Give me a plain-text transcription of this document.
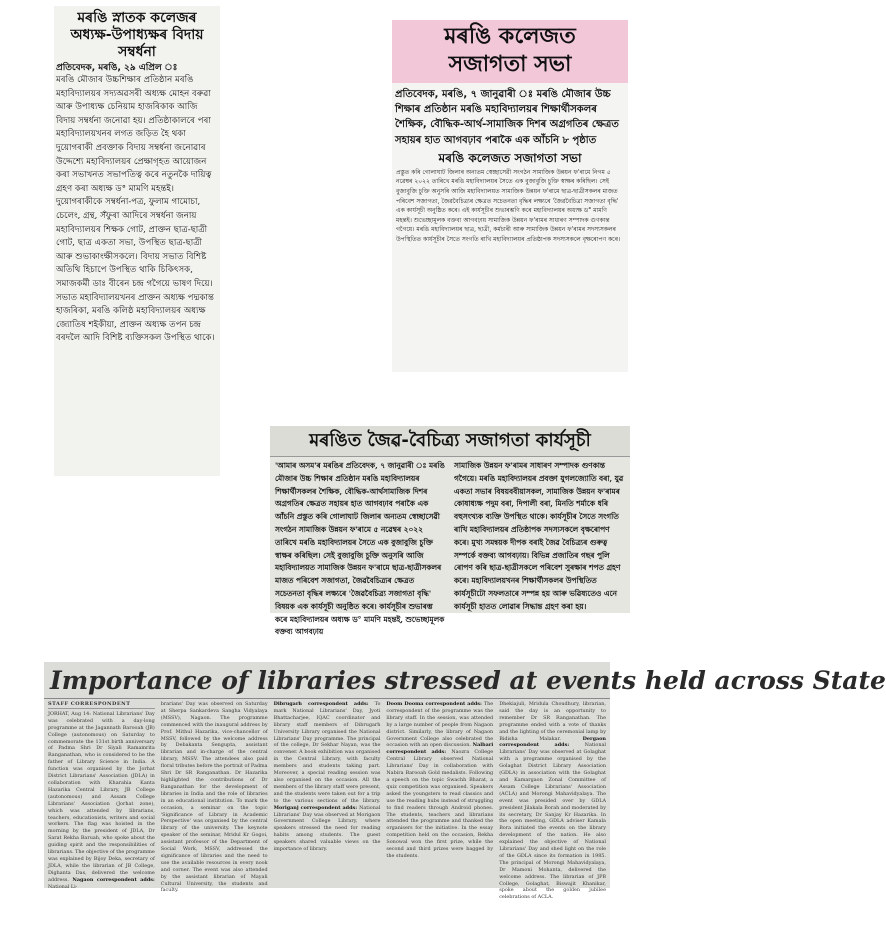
মৰঙি স্নাতক কলেজৰ অধ্যক্ষ-উপাধ্যক্ষৰ বিদায় সম্বৰ্ধনা
প্ৰতিবেদক, মৰঙি, ২৯ এপ্ৰিল ঃ
মৰঙি মৌজাৰ উচ্চশিক্ষাৰ প্ৰতিষ্ঠান মৰঙি মহাবিদ্যালয়ৰ সদ্যঅৱসৰী অধ্যক্ষ মোহন বৰুৱা আৰু উপাধ্যক্ষ চেনিয়াম হাজৰিকাক আজি বিদায় সম্বৰ্ধনা জনোৱা হয়। প্ৰতিষ্ঠাকালৰে পৰা মহাবিদ্যালয়খনৰ লগত জড়িত হৈ থকা দুয়োগৰাকী প্ৰবক্তাক বিদায় সম্বৰ্ধনা জনোৱাৰ উদ্দেশ্যে মহাবিদ্যালয়ৰ প্ৰেক্ষাগৃহত আয়োজন কৰা সভাখনত সভাপতিত্ব কৰে নতুনকৈ দায়িত্ব গ্ৰহণ কৰা অধ্যক্ষ ড° মামণি মহন্তই। দুয়োগৰাকীকে সম্বৰ্ধনা-পত্ৰ, ফুলাম গামোচা, চেলেং, গ্ৰন্থ, সঁফুৰা আদিৰে সম্বৰ্ধনা জনায় মহাবিদ্যালয়ৰ শিক্ষক গোট, প্ৰাক্তন ছাত্ৰ-ছাত্ৰী গোট, ছাত্ৰ একতা সভা, উপস্থিত ছাত্ৰ-ছাত্ৰী আৰু শুভাকাংক্ষীসকলে। বিদায় সভাত বিশিষ্ট অতিথি হিচাপে উপস্থিত থাকি চিকিৎসক, সমাজকৰ্মী ডাঃ বীৰেন চন্দ্ৰ গগৈয়ে ভাষণ দিয়ে। সভাত মহাবিদ্যালয়খনৰ প্ৰাক্তন অধ্যক্ষ পদ্মকান্ত হাজৰিকা, মৰঙি কলিষ্ঠ মহাবিদ্যালয়ৰ অধ্যক্ষ জ্যোতিষ শইকীয়া, প্ৰাক্তন অধ্যক্ষ তপন চন্দ্ৰ বৰদলৈ আদি বিশিষ্ট ব্যক্তিসকল উপস্থিত থাকে।
মৰঙি কলেজত
সজাগতা সভা
প্ৰতিবেদক, মৰঙি, ৭ জানুৱাৰী ঃ মৰঙি মৌজাৰ উচ্চ শিক্ষাৰ প্ৰতিষ্ঠান মৰঙি মহাবিদ্যালয়ৰ শিক্ষাৰ্থীসকলৰ শৈক্ষিক, বৌদ্ধিক-আৰ্থ-সামাজিক দিশৰ অগ্ৰগতিৰ ক্ষেত্ৰত সহায়ৰ হাত আগবঢ়াব পৰাকৈ এক আঁচনি ৮ পৃষ্ঠাত
মৰঙি কলেজত সজাগতা সভা
প্ৰস্তুত কৰি গোলাঘাট জিলাৰ অন্যতম স্বেচ্ছাসেৱী সংগঠন সামাজিক উন্নয়ন ফ'ৰামে নিগম ৫ নৱেম্বৰ ২০২২ তাৰিখে মৰঙি মহাবিদ্যালয়ৰ সৈতে এক বুজাবুজি চুক্তি স্বাক্ষৰ কৰিছিল। সেই বুজাবুজি চুক্তি অনুসৰি আজি মহাবিদ্যালয়ত সামাজিক উন্নয়ন ফ'ৰামে ছাত্ৰ-ছাত্ৰীসকলৰ মাজত পৰিবেশ সজাগতা, জৈৱবৈচিত্ৰ্যৰ ক্ষেত্ৰত সচেতনতা বৃদ্ধিৰ লক্ষ্যৰে 'জৈৱবৈচিত্ৰ্য সজাগতা বৃদ্ধি' এক কাৰ্যসূচী অনুষ্ঠিত কৰে। এই কাৰ্যসূচীৰ শুভাৰম্ভণি কৰে মহাবিদ্যালয়ৰ অধ্যক্ষ ড° মামণি মহন্তই। শুভেচ্ছামূলক বক্তব্য আগবঢ়ায় সামাজিক উন্নয়ন ফ'ৰামৰ সাধাৰণ সম্পাদক গুণকান্ত গগৈয়ে। মৰঙি মহাবিদ্যালয়ৰ ছাত্ৰ, ছাত্ৰী, কৰ্মচাৰী আৰু সামাজিক উন্নয়ন ফ'ৰামৰ সদস্যসকলৰ উপস্থিতিত কাৰ্যসূচীৰ সৈতে সংগতি ৰাখি মহাবিদ্যালয়ৰ প্ৰতিষ্ঠাপক সদস্যসকলে বৃক্ষৰোপণ কৰে।
মৰঙিত জৈৱ-বৈচিত্ৰ্য সজাগতা কাৰ্যসূচী
'আমাৰ অসম'ৰ মৰঙিৰ প্ৰতিবেদক, ৭ জানুৱাৰী ঃ মৰঙি মৌজাৰ উচ্চ শিক্ষাৰ প্ৰতিষ্ঠান মৰঙি মহাবিদ্যালয়ৰ শিক্ষাৰ্থীসকলৰ শৈক্ষিক, বৌদ্ধিক-আৰ্থসামাজিক দিশৰ অগ্ৰগতিৰ ক্ষেত্ৰত সহায়ৰ হাত আগবঢ়াব পৰাকৈ এক আঁচনি প্ৰস্তুত কৰি গোলাঘাট জিলাৰ অন্যতম স্বেচ্ছাসেৱী সংগঠন সামাজিক উন্নয়ন ফ'ৰামে ৫ নৱেম্বৰ ২০২২ তাৰিখে মৰঙি মহাবিদ্যালয়ৰ সৈতে এক বুজাবুজি চুক্তি স্বাক্ষৰ কৰিছিল। সেই বুজাবুজি চুক্তি অনুসৰি আজি মহাবিদ্যালয়ত সামাজিক উন্নয়ন ফ'ৰামে ছাত্ৰ-ছাত্ৰীসকলৰ মাজত পৰিবেশ সজাগতা, জৈৱবৈচিত্ৰ্যৰ ক্ষেত্ৰত সচেতনতা বৃদ্ধিৰ লক্ষ্যৰে 'জৈৱবৈচিত্ৰ্য সজাগতা বৃদ্ধি' বিষয়ক এক কাৰ্যসূচী অনুষ্ঠিত কৰে। কাৰ্যসূচীৰ শুভাৰম্ভ কৰে মহাবিদ্যালয়ৰ অধ্যক্ষ ড° মামণি মহন্তই, শুভেচ্ছামূলক বক্তব্য আগবঢ়ায়
সামাজিক উন্নয়ন ফ'ৰামৰ সাধাৰণ সম্পাদক গুণকান্ত গগৈয়ে। মৰঙি মহাবিদ্যালয়ৰ প্ৰবক্তা যুগলজ্যোতি বৰা, যুৱ একতা সভাৰ বিষয়ববীয়াসকল, সামাজিক উন্নয়ন ফ'ৰামৰ কোষাধ্যক্ষ পদুম বৰা, দিপালী বৰা, মিনতি শৰ্মাকে ধৰি বহুসংখ্যক ব্যক্তি উপস্থিত থাকে। কাৰ্যসূচীৰ সৈতে সংগতি ৰাখি মহাবিদ্যালয়ৰ প্ৰতিষ্ঠাপক সদস্যসকলে বৃক্ষৰোপণ কৰে। মুখ্য সমন্বয়ক দীপক বৰাই জৈৱ বৈচিত্ৰ্যৰ গুৰুত্ব সম্পৰ্কে বক্তব্য আগবঢ়ায়। বিভিন্ন প্ৰজাতিৰ গছৰ পুলি ৰোপণ কৰি ছাত্ৰ-ছাত্ৰীসকলে পৰিবেশ সুৰক্ষাৰ শপত গ্ৰহণ কৰে। মহাবিদ্যালয়খনৰ শিক্ষাৰ্থীসকলৰ উপস্থিতিত কাৰ্যসূচীটো সফলতাৰে সম্পন্ন হয় আৰু ভৱিষ্যতেও এনে কাৰ্যসূচী হাতত লোৱাৰ সিদ্ধান্ত গ্ৰহণ কৰা হয়।
Importance of libraries stressed at events held across State
STAFF CORRESPONDENT
JORHAT, Aug 14: National Librarians' Day was celebrated with a day-long programme at the Jagannath Barooah (JB) College (autonomous) on Saturday to commemorate the 131st birth anniversary of Padma Shri Dr Siyali Ramamrita Ranganathan, who is considered to be the father of Library Science in India. A function was organised by the Jorhat District Librarians' Association (JDLA) in collaboration with Kharahia Kanta Hazarika Central Library, JB College (autonomous) and Assam College Librarians' Association (Jorhat zone), which was attended by librarians, teachers, educationists, writers and social workers. The flag was hoisted in the morning by the president of JDLA, Dr Sarat Rekha Baruah, who spoke about the guiding spirit and the responsibilities of librarians. The objective of the programme was explained by Bijoy Deka, secretary of JDLA, while the librarian of JB College, Dighanta Das, delivered the welcome address. Nagaon correspondent adds: National Li-
brarians' Day was observed on Saturday at Sherpa Sankardeva Sangha Vidyalaya (MSSV), Nagaon. The programme commenced with the inaugural address by Prof. Mithul Hazarika, vice-chancellor of MSSV, followed by the welcome address by Debakanta Sengupta, assistant librarian and in-charge of the central library, MSSV. The attendees also paid floral tributes before the portrait of Padma Shri Dr SR Ranganathan. Dr Hazarika highlighted the contributions of Dr Ranganathan for the development of libraries in India and the role of libraries in an educational institution. To mark the occasion, a seminar on the topic 'Significance of Library in Academic Perspective' was organised by the central library of the university. The keynote speaker of the seminar, Mridul Kr Gogoi, assistant professor of the Department of Social Work, MSSV, addressed the significance of libraries and the need to use the available resources in every nook and corner. The event was also attended by the assistant librarian of Mayali Cultural University, the students and faculty.
Dibrugarh correspondent adds: To mark National Librarians' Day, Jyoti Bhattacharjee, IQAC coordinator and library staff members of Dibrugarh University Library organised the National Librarians' Day programme. The principal of the college, Dr Sekhar Nayan, was the convener. A book exhibition was organised in the Central Library, with faculty members and students taking part. Moreover, a special reading session was also organised on the occasion. All the members of the library staff were present, and the students were taken out for a trip to the various sections of the library. Moriganj correspondent adds: National Librarians' Day was observed at Morigaon Government College Library, where speakers stressed the need for reading habits among students. The guest speakers shared valuable views on the importance of library.
Doom Dooma correspondent adds: The correspondent of the programme was the library staff. In the session, was attended by a large number of people from Nagaon district. Similarly, the library of Nagaon Government College also celebrated the occasion with an open discussion. Nalbari correspondent adds: Naozra College Central Library observed National Librarians' Day in collaboration with Nabira Barooah Gold medalists. Following a speech on the topic Swachh Bharat, a quiz competition was organised. Speakers asked the youngsters to read classics and use the reading hubs instead of struggling to find readers through Android phones. The students, teachers and librarians attended the programme and thanked the organisers for the initiative. In the essay competition held on the occasion, Rekha Sonowal won the first prize, while the second and third prizes were bagged by the students.
Dhekiajuli, Mridula Choudhury, librarian, said the day is an opportunity to remember Dr SR Ranganathan. The programme ended with a vote of thanks and the lighting of the ceremonial lamp by Bidisha Malakar. Dergaon correspondent adds: National Librarians' Day was observed at Golaghat with a programme organised by the Golaghat District Library Association (GDLA) in association with the Golaghat and Kamargaon Zonal Committee of Assam College Librarians' Association (ACLA) and Morongi Mahavidyalaya. The event was presided over by GDLA president Jilakala Borah and moderated by its secretary, Dr Sanjay Kr Hazarika. In the open meeting, GDLA adviser Kamala Bora initiated the events on the library development of the nation. He also explained the objective of National Librarians' Day and shed light on the role of the GDLA since its formation in 1985. The principal of Morongi Mahavidyalaya, Dr Mamoni Mohanta, delivered the welcome address. The librarian of JPB College, Golaghat, Biswajit Khanikar, spoke about the golden jubilee celebrations of ACLA.
